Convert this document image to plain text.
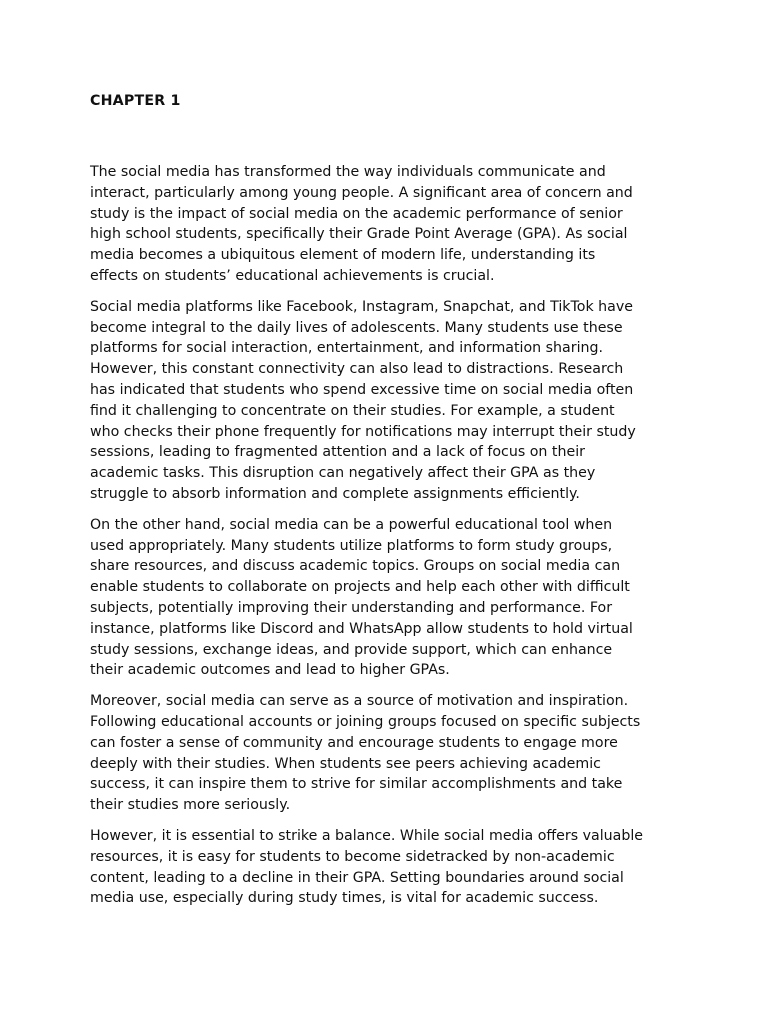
CHAPTER 1

The social media has transformed the way individuals communicate and
interact, particularly among young people. A significant area of concern and
study is the impact of social media on the academic performance of senior
high school students, specifically their Grade Point Average (GPA). As social
media becomes a ubiquitous element of modern life, understanding its
effects on students’ educational achievements is crucial.

Social media platforms like Facebook, Instagram, Snapchat, and TikTok have
become integral to the daily lives of adolescents. Many students use these
platforms for social interaction, entertainment, and information sharing.
However, this constant connectivity can also lead to distractions. Research
has indicated that students who spend excessive time on social media often
find it challenging to concentrate on their studies. For example, a student
who checks their phone frequently for notifications may interrupt their study
sessions, leading to fragmented attention and a lack of focus on their
academic tasks. This disruption can negatively affect their GPA as they
struggle to absorb information and complete assignments efficiently.

On the other hand, social media can be a powerful educational tool when
used appropriately. Many students utilize platforms to form study groups,
share resources, and discuss academic topics. Groups on social media can
enable students to collaborate on projects and help each other with difficult
subjects, potentially improving their understanding and performance. For
instance, platforms like Discord and WhatsApp allow students to hold virtual
study sessions, exchange ideas, and provide support, which can enhance
their academic outcomes and lead to higher GPAs.

Moreover, social media can serve as a source of motivation and inspiration.
Following educational accounts or joining groups focused on specific subjects
can foster a sense of community and encourage students to engage more
deeply with their studies. When students see peers achieving academic
success, it can inspire them to strive for similar accomplishments and take
their studies more seriously.

However, it is essential to strike a balance. While social media offers valuable
resources, it is easy for students to become sidetracked by non-academic
content, leading to a decline in their GPA. Setting boundaries around social
media use, especially during study times, is vital for academic success.
